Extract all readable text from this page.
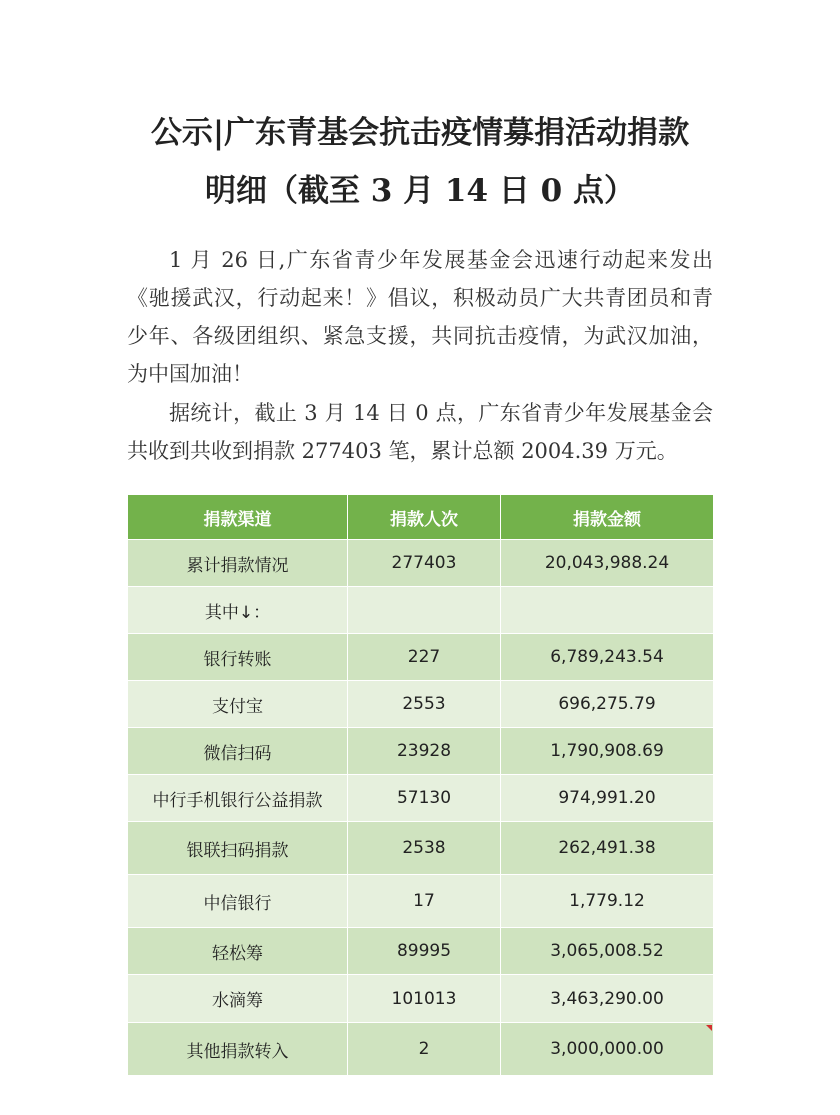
公示|广东青基会抗击疫情募捐活动捐款
明细（截至 3 月 14 日 0 点）

1 月 26 日,广东省青少年发展基金会迅速行动起来发出《驰援武汉，行动起来！》倡议，积极动员广大共青团员和青少年、各级团组织、紧急支援，共同抗击疫情，为武汉加油，为中国加油！

据统计，截止 3 月 14 日 0 点，广东省青少年发展基金会共收到共收到捐款 277403 笔，累计总额 2004.39 万元。

捐款渠道	捐款人次	捐款金额
累计捐款情况	277403	20,043,988.24
其中↓：		
银行转账	227	6,789,243.54
支付宝	2553	696,275.79
微信扫码	23928	1,790,908.69
中行手机银行公益捐款	57130	974,991.20
银联扫码捐款	2538	262,491.38
中信银行	17	1,779.12
轻松筹	89995	3,065,008.52
水滴筹	101013	3,463,290.00
其他捐款转入	2	3,000,000.00
